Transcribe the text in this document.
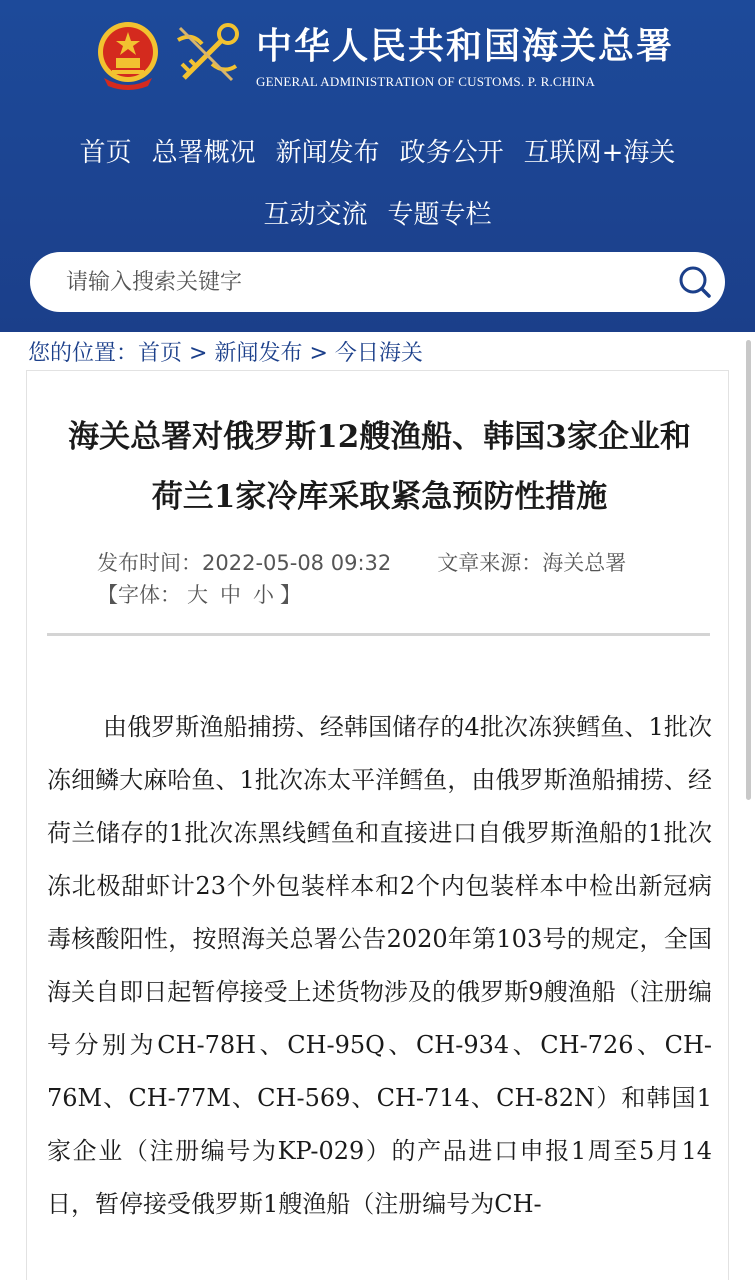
中华人民共和国海关总署
GENERAL ADMINISTRATION OF CUSTOMS. P. R.CHINA
首页 总署概况 新闻发布 政务公开 互联网+海关
互动交流 专题专栏
请输入搜索关键字
您的位置：首页 > 新闻发布 > 今日海关
海关总署对俄罗斯12艘渔船、韩国3家企业和荷兰1家冷库采取紧急预防性措施
发布时间：2022-05-08 09:32 文章来源：海关总署【字体： 大 中 小 】

由俄罗斯渔船捕捞、经韩国储存的4批次冻狭鳕鱼、1批次冻细鳞大麻哈鱼、1批次冻太平洋鳕鱼，由俄罗斯渔船捕捞、经荷兰储存的1批次冻黑线鳕鱼和直接进口自俄罗斯渔船的1批次冻北极甜虾计23个外包装样本和2个内包装样本中检出新冠病毒核酸阳性，按照海关总署公告2020年第103号的规定，全国海关自即日起暂停接受上述货物涉及的俄罗斯9艘渔船（注册编号分别为CH-78H、CH-95Q、CH-934、CH-726、CH-76M、CH-77M、CH-569、CH-714、CH-82N）和韩国1家企业（注册编号为KP-029）的产品进口申报1周至5月14日，暂停接受俄罗斯1艘渔船（注册编号为CH-
